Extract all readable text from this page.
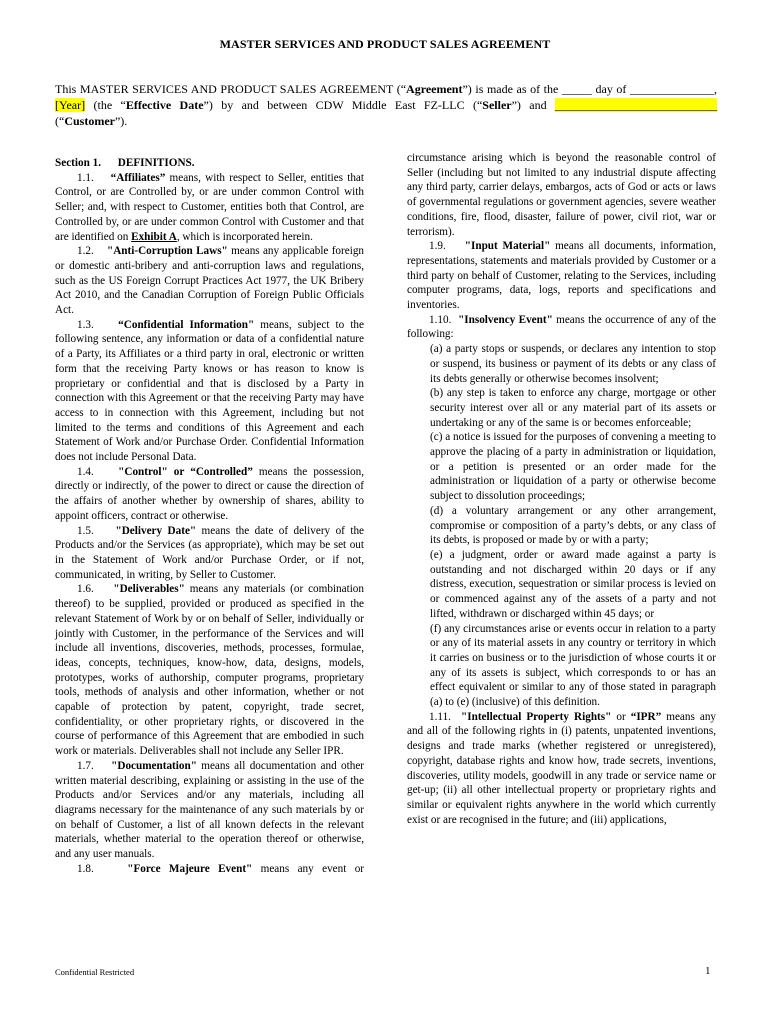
MASTER SERVICES AND PRODUCT SALES AGREEMENT
This MASTER SERVICES AND PRODUCT SALES AGREEMENT (“Agreement”) is made as of the _____ day of ______________, [Year] (the “Effective Date”) by and between CDW Middle East FZ-LLC (“Seller”) and ___________________________ (“Customer”).

Section 1.      DEFINITIONS.

1.1.    “Affiliates” means, with respect to Seller, entities that Control, or are Controlled by, or are under common Control with Seller; and, with respect to Customer, entities both that Control, are Controlled by, or are under common Control with Customer and that are identified on Exhibit A, which is incorporated herein.

1.2.    "Anti-Corruption Laws" means any applicable foreign or domestic anti-bribery and anti-corruption laws and regulations, such as the US Foreign Corrupt Practices Act 1977, the UK Bribery Act 2010, and the Canadian Corruption of Foreign Public Officials Act.

1.3.    “Confidential Information" means, subject to the following sentence, any information or data of a confidential nature of a Party, its Affiliates or a third party in oral, electronic or written form that the receiving Party knows or has reason to know is proprietary or confidential and that is disclosed by a Party in connection with this Agreement or that the receiving Party may have access to in connection with this Agreement, including but not limited to the terms and conditions of this Agreement and each Statement of Work and/or Purchase Order. Confidential Information does not include Personal Data.

1.4.    "Control" or “Controlled” means the possession, directly or indirectly, of the power to direct or cause the direction of the affairs of another whether by ownership of shares, ability to appoint officers, contract or otherwise.

1.5.    "Delivery Date" means the date of delivery of the Products and/or the Services (as appropriate), which may be set out in the Statement of Work and/or Purchase Order, or if not, communicated, in writing, by Seller to Customer.

1.6.    "Deliverables" means any materials (or combination thereof) to be supplied, provided or produced as specified in the relevant Statement of Work by or on behalf of Seller, individually or jointly with Customer, in the performance of the Services and will include all inventions, discoveries, methods, processes, formulae, ideas, concepts, techniques, know-how, data, designs, models, prototypes, works of authorship, computer programs, proprietary tools, methods of analysis and other information, whether or not capable of protection by patent, copyright, trade secret, confidentiality, or other proprietary rights, or discovered in the course of performance of this Agreement that are embodied in such work or materials. Deliverables shall not include any Seller IPR.

1.7.    "Documentation" means all documentation and other written material describing, explaining or assisting in the use of the Products and/or Services and/or any materials, including all diagrams necessary for the maintenance of any such materials by or on behalf of Customer, a list of all known defects in the relevant materials, whether material to the operation thereof or otherwise, and any user manuals.

1.8.    "Force Majeure Event" means any event or

circumstance arising which is beyond the reasonable control of Seller (including but not limited to any industrial dispute affecting any third party, carrier delays, embargos, acts of God or acts or laws of governmental regulations or government agencies, severe weather conditions, fire, flood, disaster, failure of power, civil riot, war or terrorism).

1.9.    "Input Material" means all documents, information, representations, statements and materials provided by Customer or a third party on behalf of Customer, relating to the Services, including computer programs, data, logs, reports and specifications and inventories.

1.10.  "Insolvency Event" means the occurrence of any of the following:

(a) a party stops or suspends, or declares any intention to stop or suspend, its business or payment of its debts or any class of its debts generally or otherwise becomes insolvent;

(b) any step is taken to enforce any charge, mortgage or other security interest over all or any material part of its assets or undertaking or any of the same is or becomes enforceable;

(c) a notice is issued for the purposes of convening a meeting to approve the placing of a party in administration or liquidation, or a petition is presented or an order made for the administration or liquidation of a party or otherwise become subject to dissolution proceedings;

(d) a voluntary arrangement or any other arrangement, compromise or composition of a party’s debts, or any class of its debts, is proposed or made by or with a party;

(e) a judgment, order or award made against a party is outstanding and not discharged within 20 days or if any distress, execution, sequestration or similar process is levied on or commenced against any of the assets of a party and not lifted, withdrawn or discharged within 45 days; or

(f) any circumstances arise or events occur in relation to a party or any of its material assets in any country or territory in which it carries on business or to the jurisdiction of whose courts it or any of its assets is subject, which corresponds to or has an effect equivalent or similar to any of those stated in paragraph (a) to (e) (inclusive) of this definition.

1.11.  "Intellectual Property Rights" or “IPR” means any and all of the following rights in (i) patents, unpatented inventions, designs and trade marks (whether registered or unregistered), copyright, database rights and know how, trade secrets, inventions, discoveries, utility models, goodwill in any trade or service name or get-up; (ii) all other intellectual property or proprietary rights and similar or equivalent rights anywhere in the world which currently exist or are recognised in the future; and (iii) applications,

Confidential Restricted	1
